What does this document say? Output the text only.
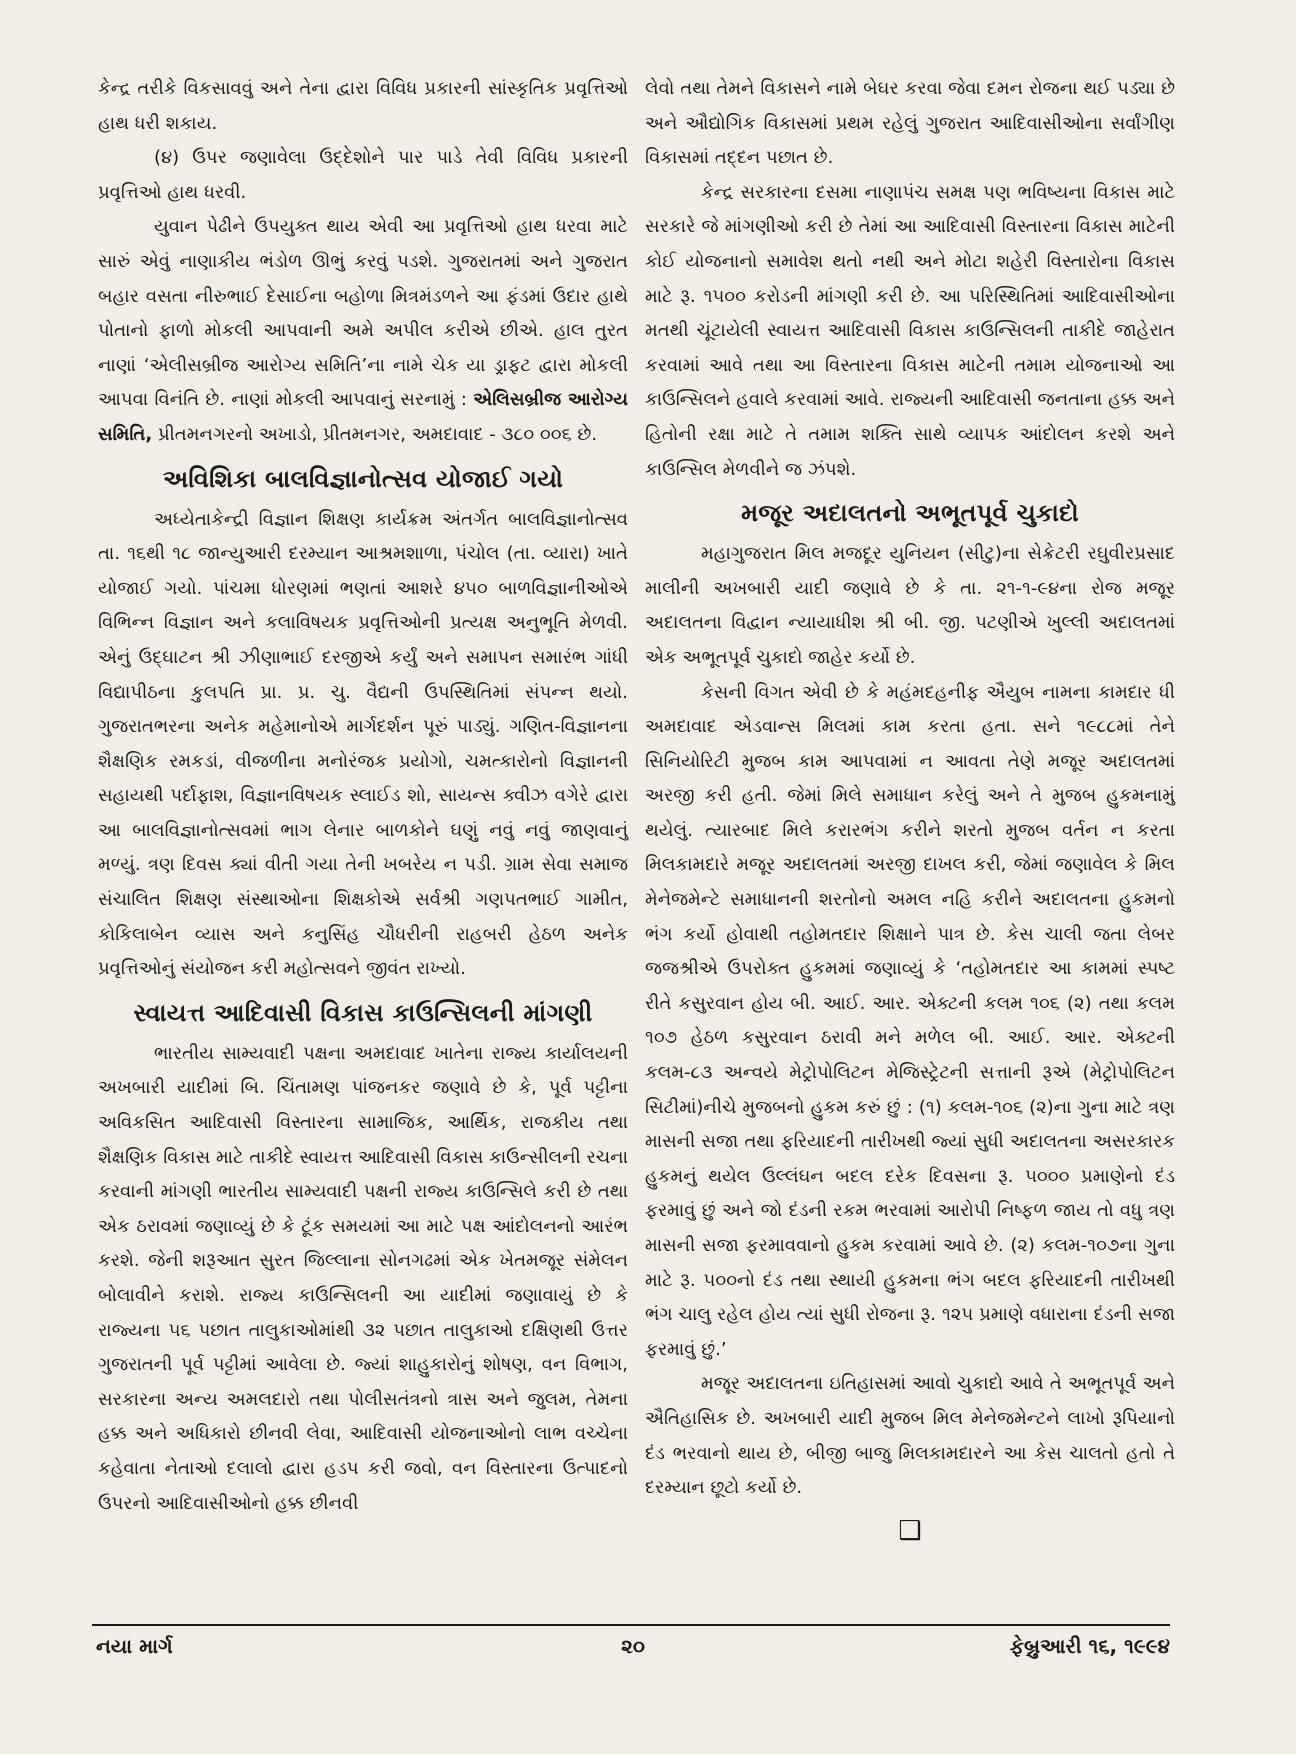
કેન્દ્ર તરીકે વિકસાવવું અને તેના દ્વારા વિવિધ પ્રકારની સાંસ્કૃતિક પ્રવૃત્તિઓ હાથ ધરી શકાય.

(૪) ઉપર જણાવેલા ઉદ્દેશોને પાર પાડે તેવી વિવિધ પ્રકારની પ્રવૃત્તિઓ હાથ ધરવી.

યુવાન પેઢીને ઉપયુક્ત થાય એવી આ પ્રવૃત્તિઓ હાથ ધરવા માટે સારું એવું નાણાકીય ભંડોળ ઊભું કરવું પડશે. ગુજરાતમાં અને ગુજરાત બહાર વસતા નીરુભાઈ દેસાઈના બહોળા મિત્રમંડળને આ ફંડમાં ઉદાર હાથે પોતાનો ફાળો મોકલી આપવાની અમે અપીલ કરીએ છીએ. હાલ તુરત નાણાં ‘એલીસબ્રીજ આરોગ્ય સમિતિ’ના નામે ચેક યા ડ્રાફટ દ્વારા મોકલી આપવા વિનંતિ છે. નાણાં મોકલી આપવાનું સરનામું : એલિસબ્રીજ આરોગ્ય સમિતિ, પ્રીતમનગરનો અખાડો, પ્રીતમનગર, અમદાવાદ - ૩૮૦ ૦૦૬ છે.

અવિશિકા બાલવિજ્ઞાનોત્સવ યોજાઈ ગયો

અધ્યેતાકેન્દ્રી વિજ્ઞાન શિક્ષણ કાર્યક્રમ અંતર્ગત બાલવિજ્ઞાનોત્સવ તા. ૧૬થી ૧૮ જાન્યુઆરી દરમ્યાન આશ્રમશાળા, પંચોલ (તા. વ્યારા) ખાતે યોજાઈ ગયો. પાંચમા ધોરણમાં ભણતાં આશરે ૪૫૦ બાળવિજ્ઞાનીઓએ વિભિન્ન વિજ્ઞાન અને કલાવિષયક પ્રવૃત્તિઓની પ્રત્યક્ષ અનુભૂતિ મેળવી. એનું ઉદ્‌ઘાટન શ્રી ઝીણાભાઈ દરજીએ કર્યું અને સમાપન સમારંભ ગાંધી વિદ્યાપીઠના કુલપતિ પ્રા. પ્ર. ચુ. વૈદ્યની ઉપસ્થિતિમાં સંપન્ન થયો. ગુજરાતભરના અનેક મહેમાનોએ માર્ગદર્શન પૂરું પાડ્યું. ગણિત-વિજ્ઞાનના શૈક્ષણિક રમકડાં, વીજળીના મનોરંજક પ્રયોગો, ચમત્કારોનો વિજ્ઞાનની સહાયથી પર્દાફાશ, વિજ્ઞાનવિષયક સ્લાઈડ શો, સાયન્સ ક્વીઝ વગેરે દ્વારા આ બાલવિજ્ઞાનોત્સવમાં ભાગ લેનાર બાળકોને ઘણું નવું નવું જાણવાનું મળ્યું. ત્રણ દિવસ ક્યાં વીતી ગયા તેની ખબરેય ન પડી. ગ્રામ સેવા સમાજ સંચાલિત શિક્ષણ સંસ્થાઓના શિક્ષકોએ સર્વશ્રી ગણપતભાઈ ગામીત, કોકિલાબેન વ્યાસ અને કનુસિંહ ચૌધરીની રાહબરી હેઠળ અનેક પ્રવૃત્તિઓનું સંયોજન કરી મહોત્સવને જીવંત રાખ્યો.

સ્વાયત્ત આદિવાસી વિકાસ કાઉન્સિલની માંગણી

ભારતીય સામ્યવાદી પક્ષના અમદાવાદ ખાતેના રાજ્ય કાર્યાલયની અખબારી યાદીમાં બિ. ચિંતામણ પાંજનકર જણાવે છે કે, પૂર્વ પટ્ટીના અવિકસિત આદિવાસી વિસ્તારના સામાજિક, આર્થિક, રાજકીય તથા શૈક્ષણિક વિકાસ માટે તાકીદે સ્વાયત્ત આદિવાસી વિકાસ કાઉન્સીલની રચના કરવાની માંગણી ભારતીય સામ્યવાદી પક્ષની રાજ્ય કાઉન્સિલે કરી છે તથા એક ઠરાવમાં જણાવ્યું છે કે ટૂંક સમયમાં આ માટે પક્ષ આંદોલનનો આરંભ કરશે. જેની શરૂઆત સુરત જિલ્લાના સોનગઢમાં એક ખેતમજૂર સંમેલન બોલાવીને કરાશે. રાજ્ય કાઉન્સિલની આ યાદીમાં જણાવાયું છે કે રાજ્યના ૫૬ પછાત તાલુકાઓમાંથી ૩૨ પછાત તાલુકાઓ દક્ષિણથી ઉત્તર ગુજરાતની પૂર્વ પટ્ટીમાં આવેલા છે. જ્યાં શાહુકારોનું શોષણ, વન વિભાગ, સરકારના અન્ય અમલદારો તથા પોલીસતંત્રનો ત્રાસ અને જુલમ, તેમના હક્ક અને અધિકારો છીનવી લેવા, આદિવાસી યોજનાઓનો લાભ વચ્ચેના કહેવાતા નેતાઓ દલાલો દ્વારા હડપ કરી જવો, વન વિસ્તારના ઉત્પાદનો ઉપરનો આદિવાસીઓનો હક્ક છીનવી

લેવો તથા તેમને વિકાસને નામે બેઘર કરવા જેવા દમન રોજના થઈ પડ્યા છે અને ઔદ્યોગિક વિકાસમાં પ્રથમ રહેલું ગુજરાત આદિવાસીઓના સર્વાંગીણ વિકાસમાં તદ્દન પછાત છે.

કેન્દ્ર સરકારના દસમા નાણાપંચ સમક્ષ પણ ભવિષ્યના વિકાસ માટે સરકારે જે માંગણીઓ કરી છે તેમાં આ આદિવાસી વિસ્તારના વિકાસ માટેની કોઈ યોજનાનો સમાવેશ થતો નથી અને મોટા શહેરી વિસ્તારોના વિકાસ માટે રૂ. ૧૫૦૦ કરોડની માંગણી કરી છે. આ પરિસ્થિતિમાં આદિવાસીઓના મતથી ચૂંટાયેલી સ્વાયત્ત આદિવાસી વિકાસ કાઉન્સિલની તાકીદે જાહેરાત કરવામાં આવે તથા આ વિસ્તારના વિકાસ માટેની તમામ યોજનાઓ આ કાઉન્સિલને હવાલે કરવામાં આવે. રાજ્યની આદિવાસી જનતાના હક્ક અને હિતોની રક્ષા માટે તે તમામ શક્તિ સાથે વ્યાપક આંદોલન કરશે અને કાઉન્સિલ મેળવીને જ ઝંપશે.

મજૂર અદાલતનો અભૂતપૂર્વ ચુકાદો

મહાગુજરાત મિલ મજદૂર યુનિયન (સીટુ)ના સેક્રેટરી રઘુવીરપ્રસાદ માલીની અખબારી યાદી જણાવે છે કે તા. ૨૧-૧-૯૪ના રોજ મજૂર અદાલતના વિદ્વાન ન્યાયાધીશ શ્રી બી. જી. પટણીએ ખુલ્લી અદાલતમાં એક અભૂતપૂર્વ ચુકાદો જાહેર કર્યો છે.

કેસની વિગત એવી છે કે મહંમદહનીફ ઐયુબ નામના કામદાર ધી અમદાવાદ એડવાન્સ મિલમાં કામ કરતા હતા. સને ૧૯૮૮માં તેને સિનિયોરિટી મુજબ કામ આપવામાં ન આવતા તેણે મજૂર અદાલતમાં અરજી કરી હતી. જેમાં મિલે સમાધાન કરેલું અને તે મુજબ હુકમનામું થયેલું. ત્યારબાદ મિલે કરારભંગ કરીને શરતો મુજબ વર્તન ન કરતા મિલકામદારે મજૂર અદાલતમાં અરજી દાખલ કરી, જેમાં જણાવેલ કે મિલ મેનેજમેન્ટે સમાધાનની શરતોનો અમલ નહિ કરીને અદાલતના હુકમનો ભંગ કર્યો હોવાથી તહોમતદાર શિક્ષાને પાત્ર છે. કેસ ચાલી જતા લેબર જજશ્રીએ ઉપરોક્ત હુકમમાં જણાવ્યું કે ‘તહોમતદાર આ કામમાં સ્પષ્ટ રીતે કસુરવાન હોય બી. આઈ. આર. એક્ટની કલમ ૧૦૬ (૨) તથા કલમ ૧૦૭ હેઠળ કસુરવાન ઠરાવી મને મળેલ બી. આઈ. આર. એક્ટની કલમ-૮૩ અન્વયે મેટ્રોપોલિટન મેજિસ્ટ્રેટની સત્તાની રૂએ (મેટ્રોપોલિટન સિટીમાં)નીચે મુજબનો હુકમ કરું છું : (૧) કલમ-૧૦૬ (૨)ના ગુના માટે ત્રણ માસની સજા તથા ફરિયાદની તારીખથી જ્યાં સુધી અદાલતના અસરકારક હુકમનું થયેલ ઉલ્લંઘન બદલ દરેક દિવસના રૂ. ૫૦૦૦ પ્રમાણેનો દંડ ફરમાવું છું અને જો દંડની રકમ ભરવામાં આરોપી નિષ્ફળ જાય તો વધુ ત્રણ માસની સજા ફરમાવવાનો હુકમ કરવામાં આવે છે. (૨) કલમ-૧૦૭ના ગુના માટે રૂ. ૫૦૦નો દંડ તથા સ્થાયી હુકમના ભંગ બદલ ફરિયાદની તારીખથી ભંગ ચાલુ રહેલ હોય ત્યાં સુધી રોજના રૂ. ૧૨૫ પ્રમાણે વધારાના દંડની સજા ફરમાવું છું.’

મજૂર અદાલતના ઇતિહાસમાં આવો ચુકાદો આવે તે અભૂતપૂર્વ અને ઐતિહાસિક છે. અખબારી યાદી મુજબ મિલ મેનેજમેન્ટને લાખો રૂપિયાનો દંડ ભરવાનો થાય છે, બીજી બાજુ મિલકામદારને આ કેસ ચાલતો હતો તે દરમ્યાન છૂટો કર્યો છે.

❑
નયા માર્ગ	૨૦	ફેબ્રુઆરી ૧૬, ૧૯૯૪
